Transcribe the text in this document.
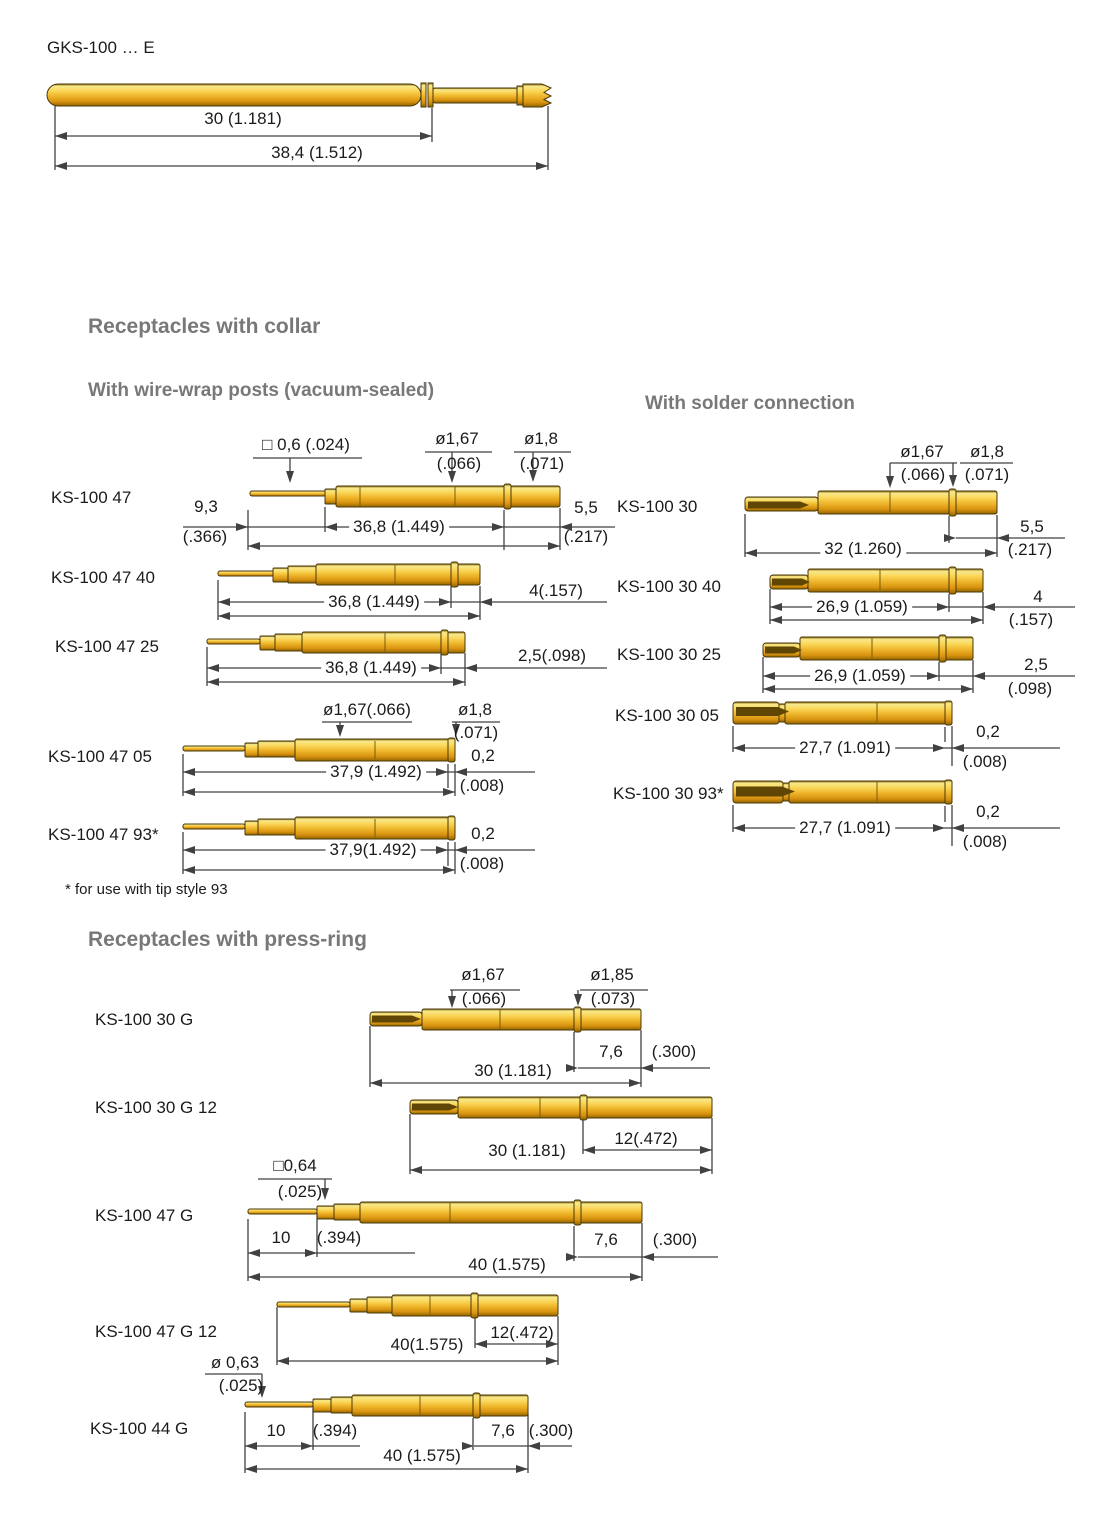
GKS-100 … E
30 (1.181)
38,4 (1.512)
Receptacles with collar
With wire-wrap posts (vacuum-sealed)
With solder connection
* for use with tip style 93
Receptacles with press-ring
KS-100 47
□ 0,6 (.024)	ø1,67
(.066)
ø1,8
(.071)
9,3
(.366)
36,8 (1.449)
5,5
(.217)
KS-100 47 40
36,8 (1.449)
4(.157)
KS-100 47 25
36,8 (1.449)
2,5(.098)
KS-100 47 05
ø1,67(.066)	ø1,8
(.071)
37,9 (1.492)
0,2
(.008)
KS-100 47 93*
37,9(1.492)
0,2
(.008)
KS-100 30
ø1,67
(.066)
ø1,8
(.071)
32 (1.260)
5,5
(.217)
KS-100 30 40
26,9 (1.059)
4
(.157)
KS-100 30 25
26,9 (1.059)
2,5
(.098)
KS-100 30 05
27,7 (1.091)
0,2
(.008)
KS-100 30 93*
27,7 (1.091)
0,2
(.008)
KS-100 30 G
ø1,67
(.066)
ø1,85
(.073)
30 (1.181)
7,6 (.300)
KS-100 30 G 12
30 (1.181)
12(.472)
KS-100 47 G
□0,64
(.025)
10 (.394)
40 (1.575)
7,6 (.300)
KS-100 47 G 12
40(1.575)
12(.472)
KS-100 44 G
ø 0,63
(.025)
10 (.394)
40 (1.575)
7,6 (.300)
